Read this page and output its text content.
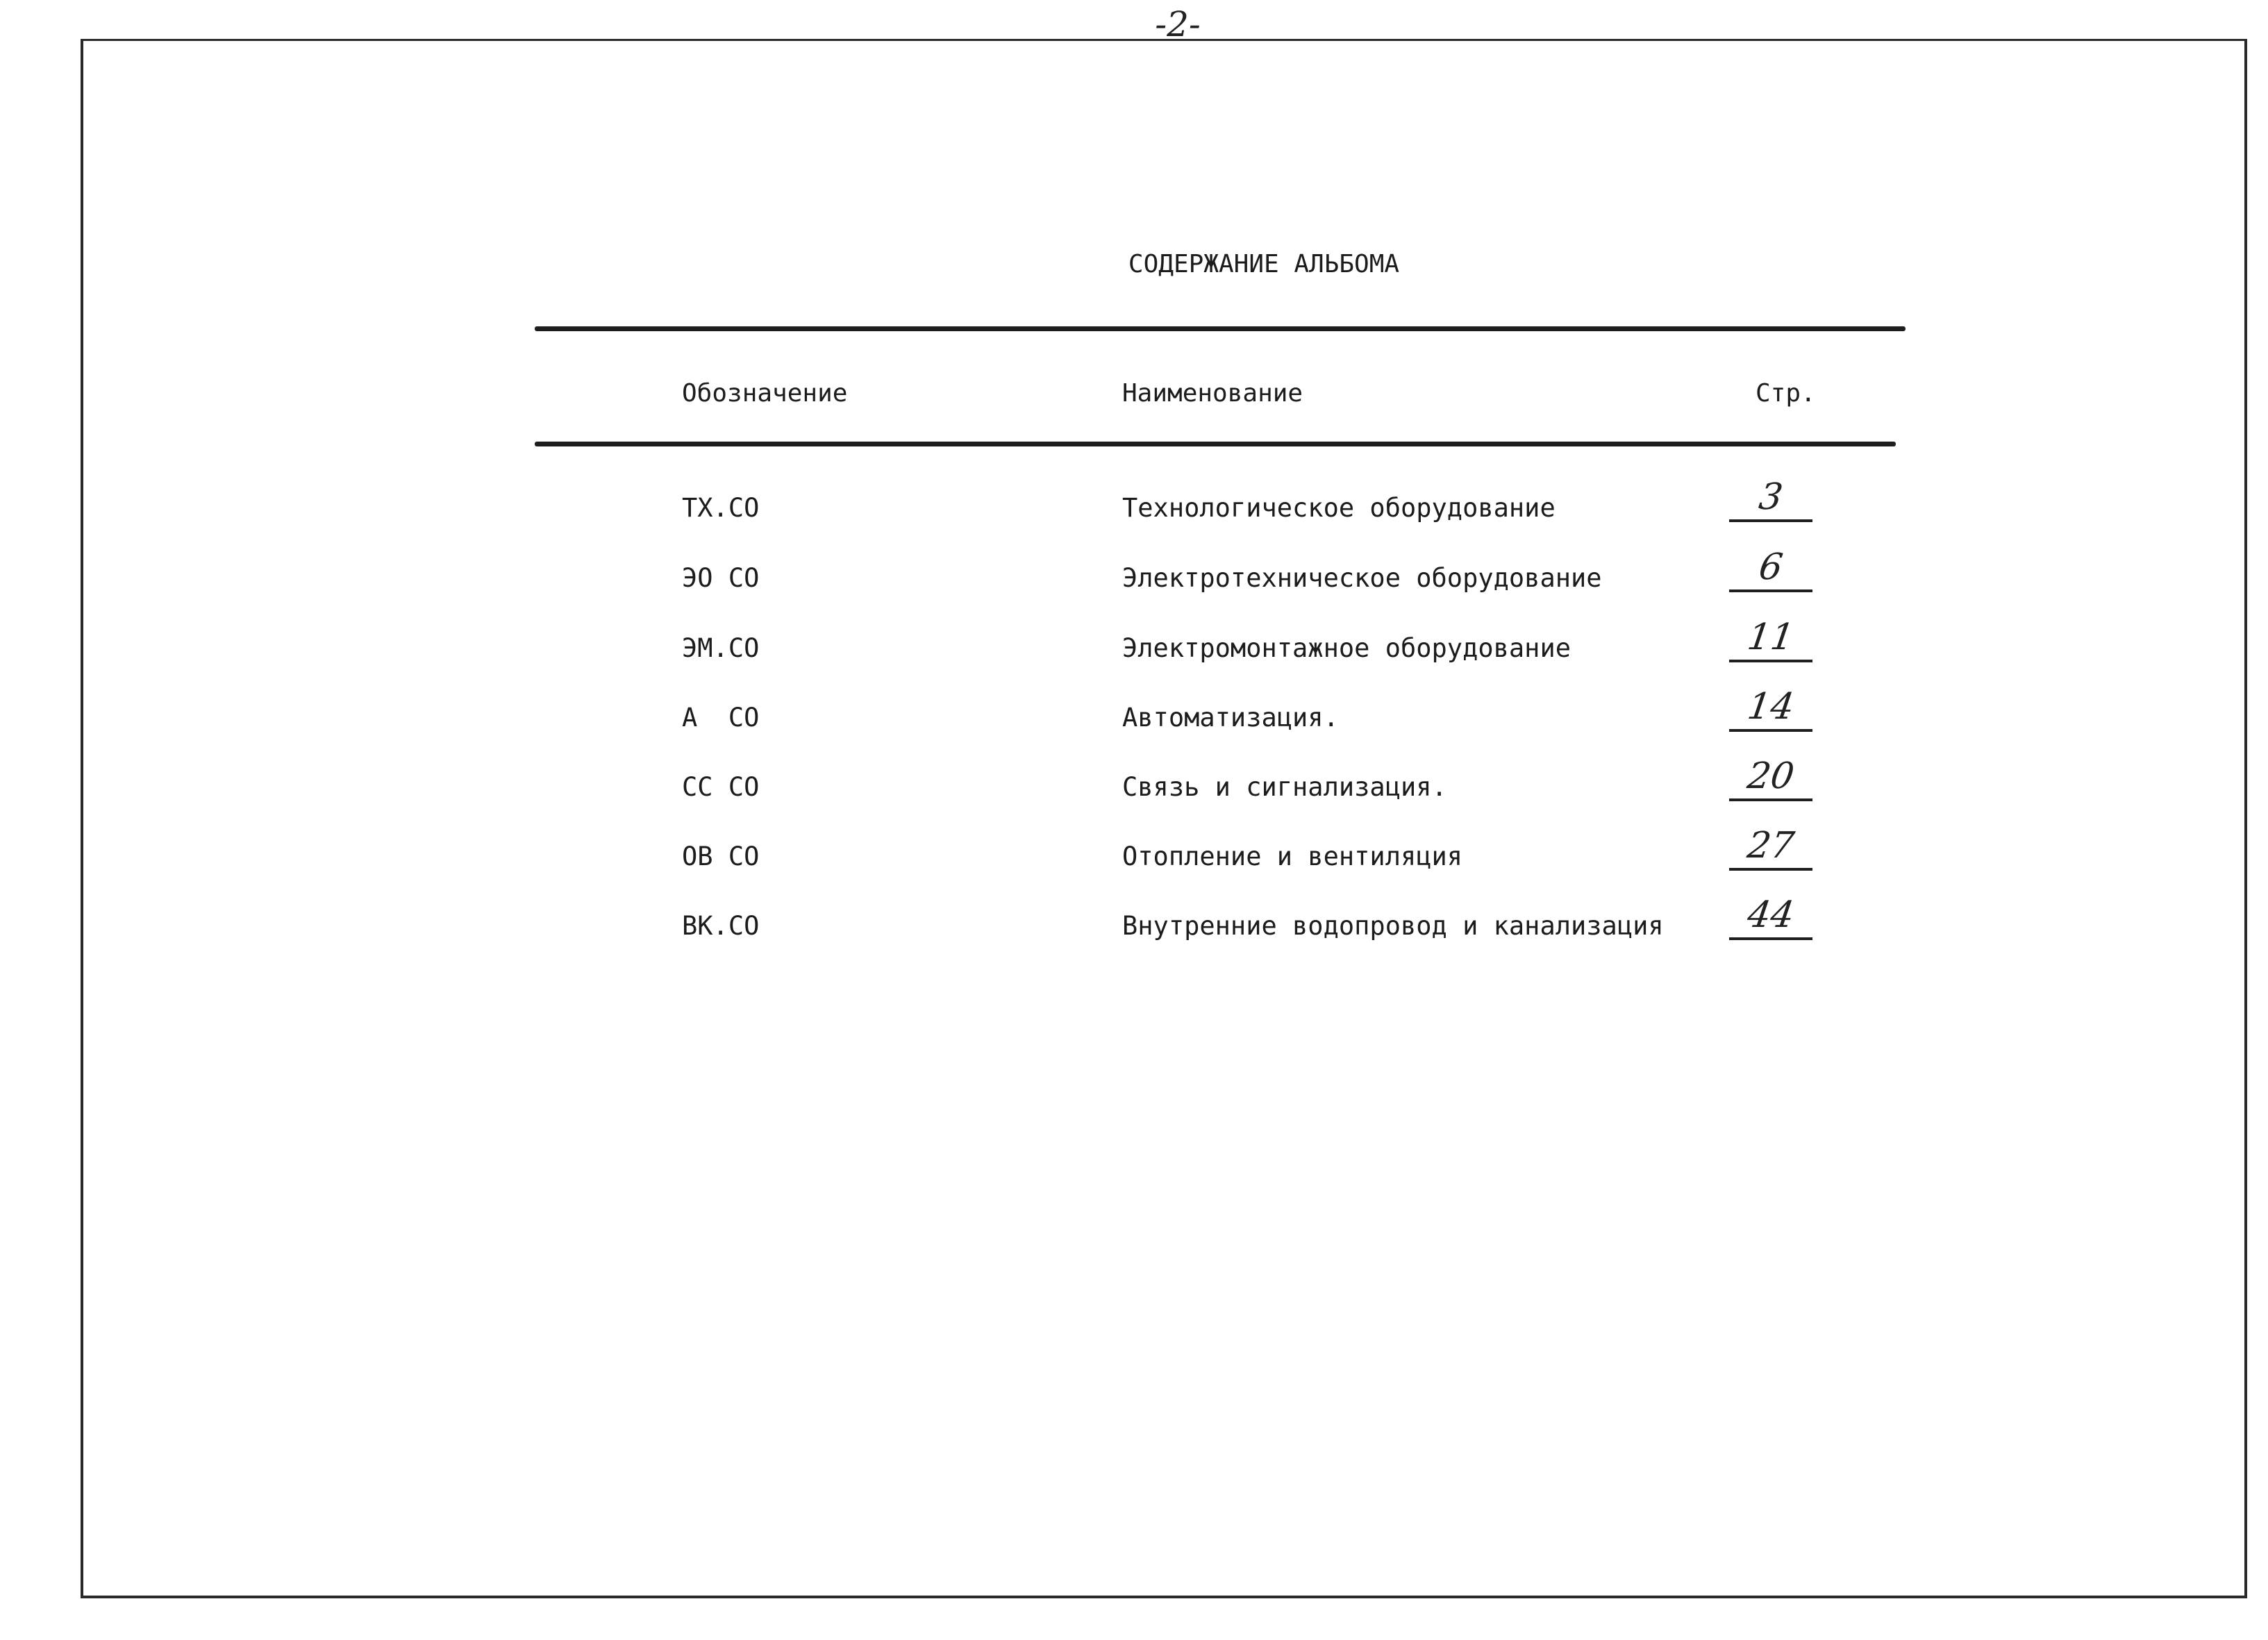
-2-
СОДЕРЖАНИЕ АЛЬБОМА
Обозначение	Наименование	Стр.
ТХ.СО	Технологическое оборудование	3
ЭО СО	Электротехническое оборудование	6
ЭМ.СО	Электромонтажное оборудование	11
А  СО	Автоматизация.	14
СС СО	Связь и сигнализация.	20
ОВ СО	Отопление и вентиляция	27
ВК.СО	Внутренние водопровод и канализация	44
